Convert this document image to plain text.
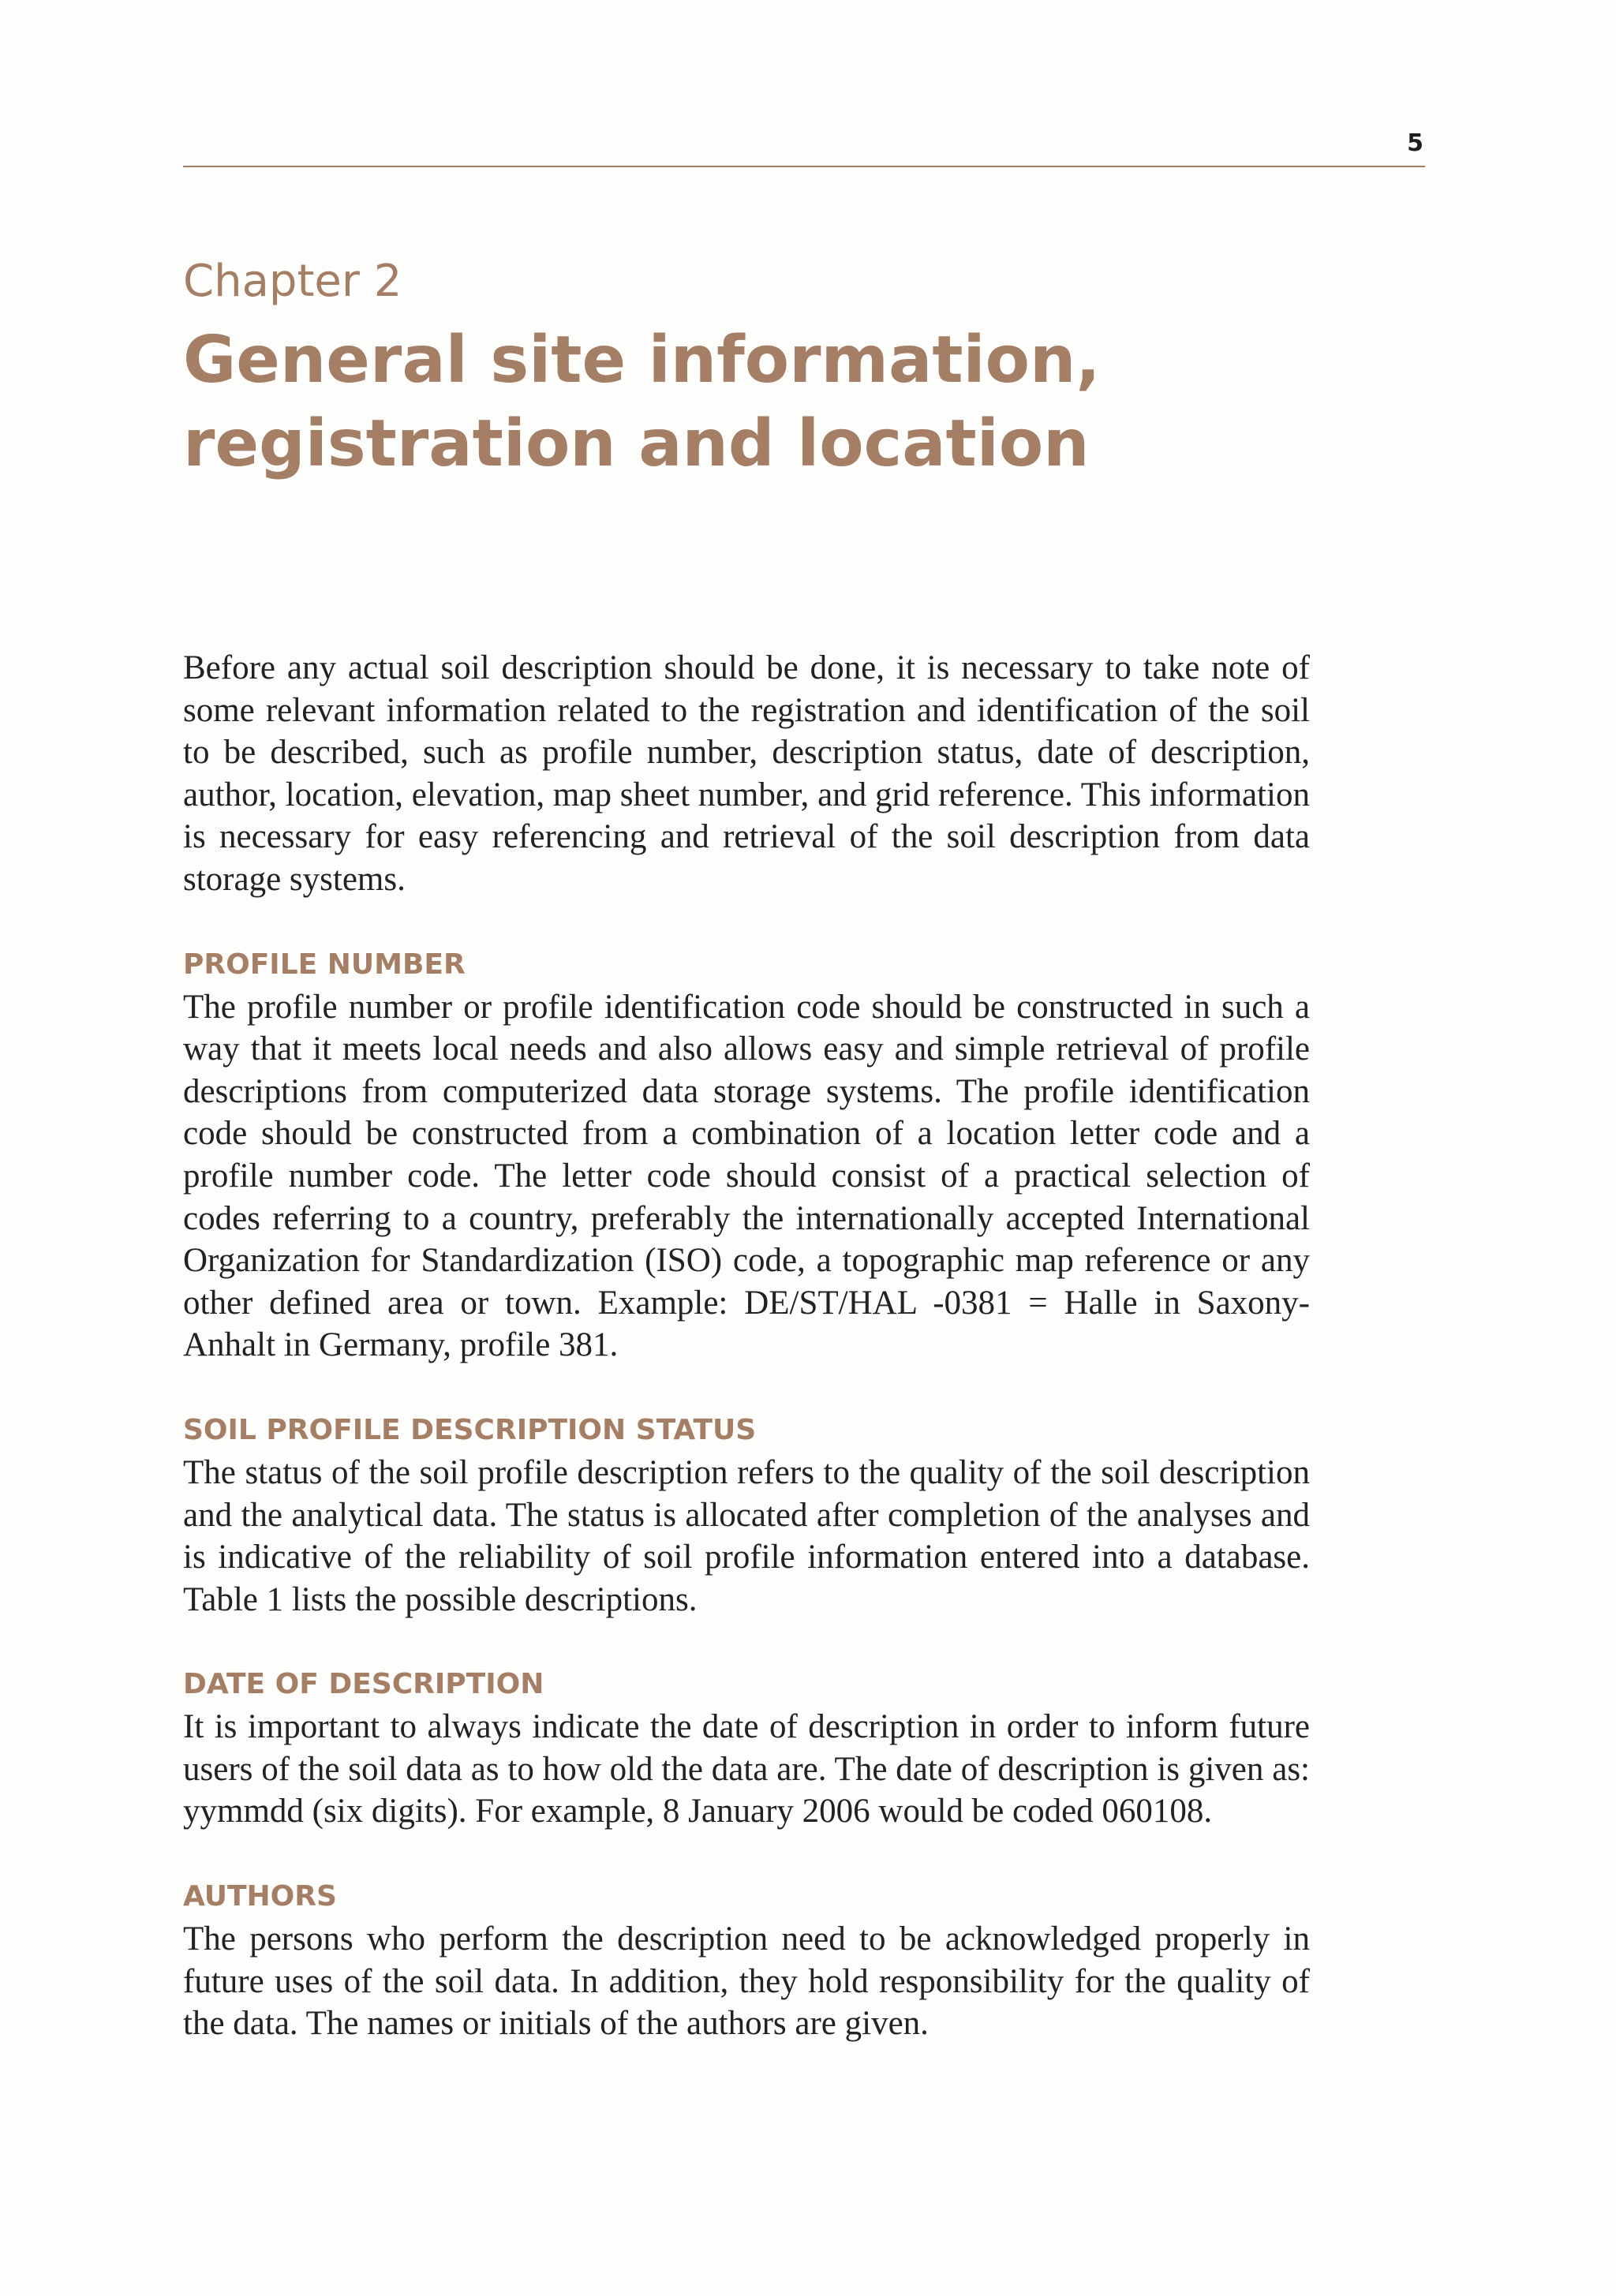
5
Chapter 2
General site information,
registration and location

Before any actual soil description should be done, it is necessary to take note of some relevant information related to the registration and identification of the soil to be described, such as profile number, description status, date of description, author, location, elevation, map sheet number, and grid reference. This information is necessary for easy referencing and retrieval of the soil description from data storage systems.

PROFILE NUMBER

The profile number or profile identification code should be constructed in such a way that it meets local needs and also allows easy and simple retrieval of profile descriptions from computerized data storage systems. The profile identification code should be constructed from a combination of a location letter code and a profile number code. The letter code should consist of a practical selection of codes referring to a country, preferably the internationally accepted International Organization for Standardization (ISO) code, a topographic map reference or any other defined area or town. Example: DE/ST/HAL -0381 = Halle in Saxony-Anhalt in Germany, profile 381.

SOIL PROFILE DESCRIPTION STATUS

The status of the soil profile description refers to the quality of the soil description and the analytical data. The status is allocated after completion of the analyses and is indicative of the reliability of soil profile information entered into a database. Table 1 lists the possible descriptions.

DATE OF DESCRIPTION

It is important to always indicate the date of description in order to inform future users of the soil data as to how old the data are. The date of description is given as: yymmdd (six digits). For example, 8 January 2006 would be coded 060108.

AUTHORS

The persons who perform the description need to be acknowledged properly in future uses of the soil data. In addition, they hold responsibility for the quality of the data. The names or initials of the authors are given.
